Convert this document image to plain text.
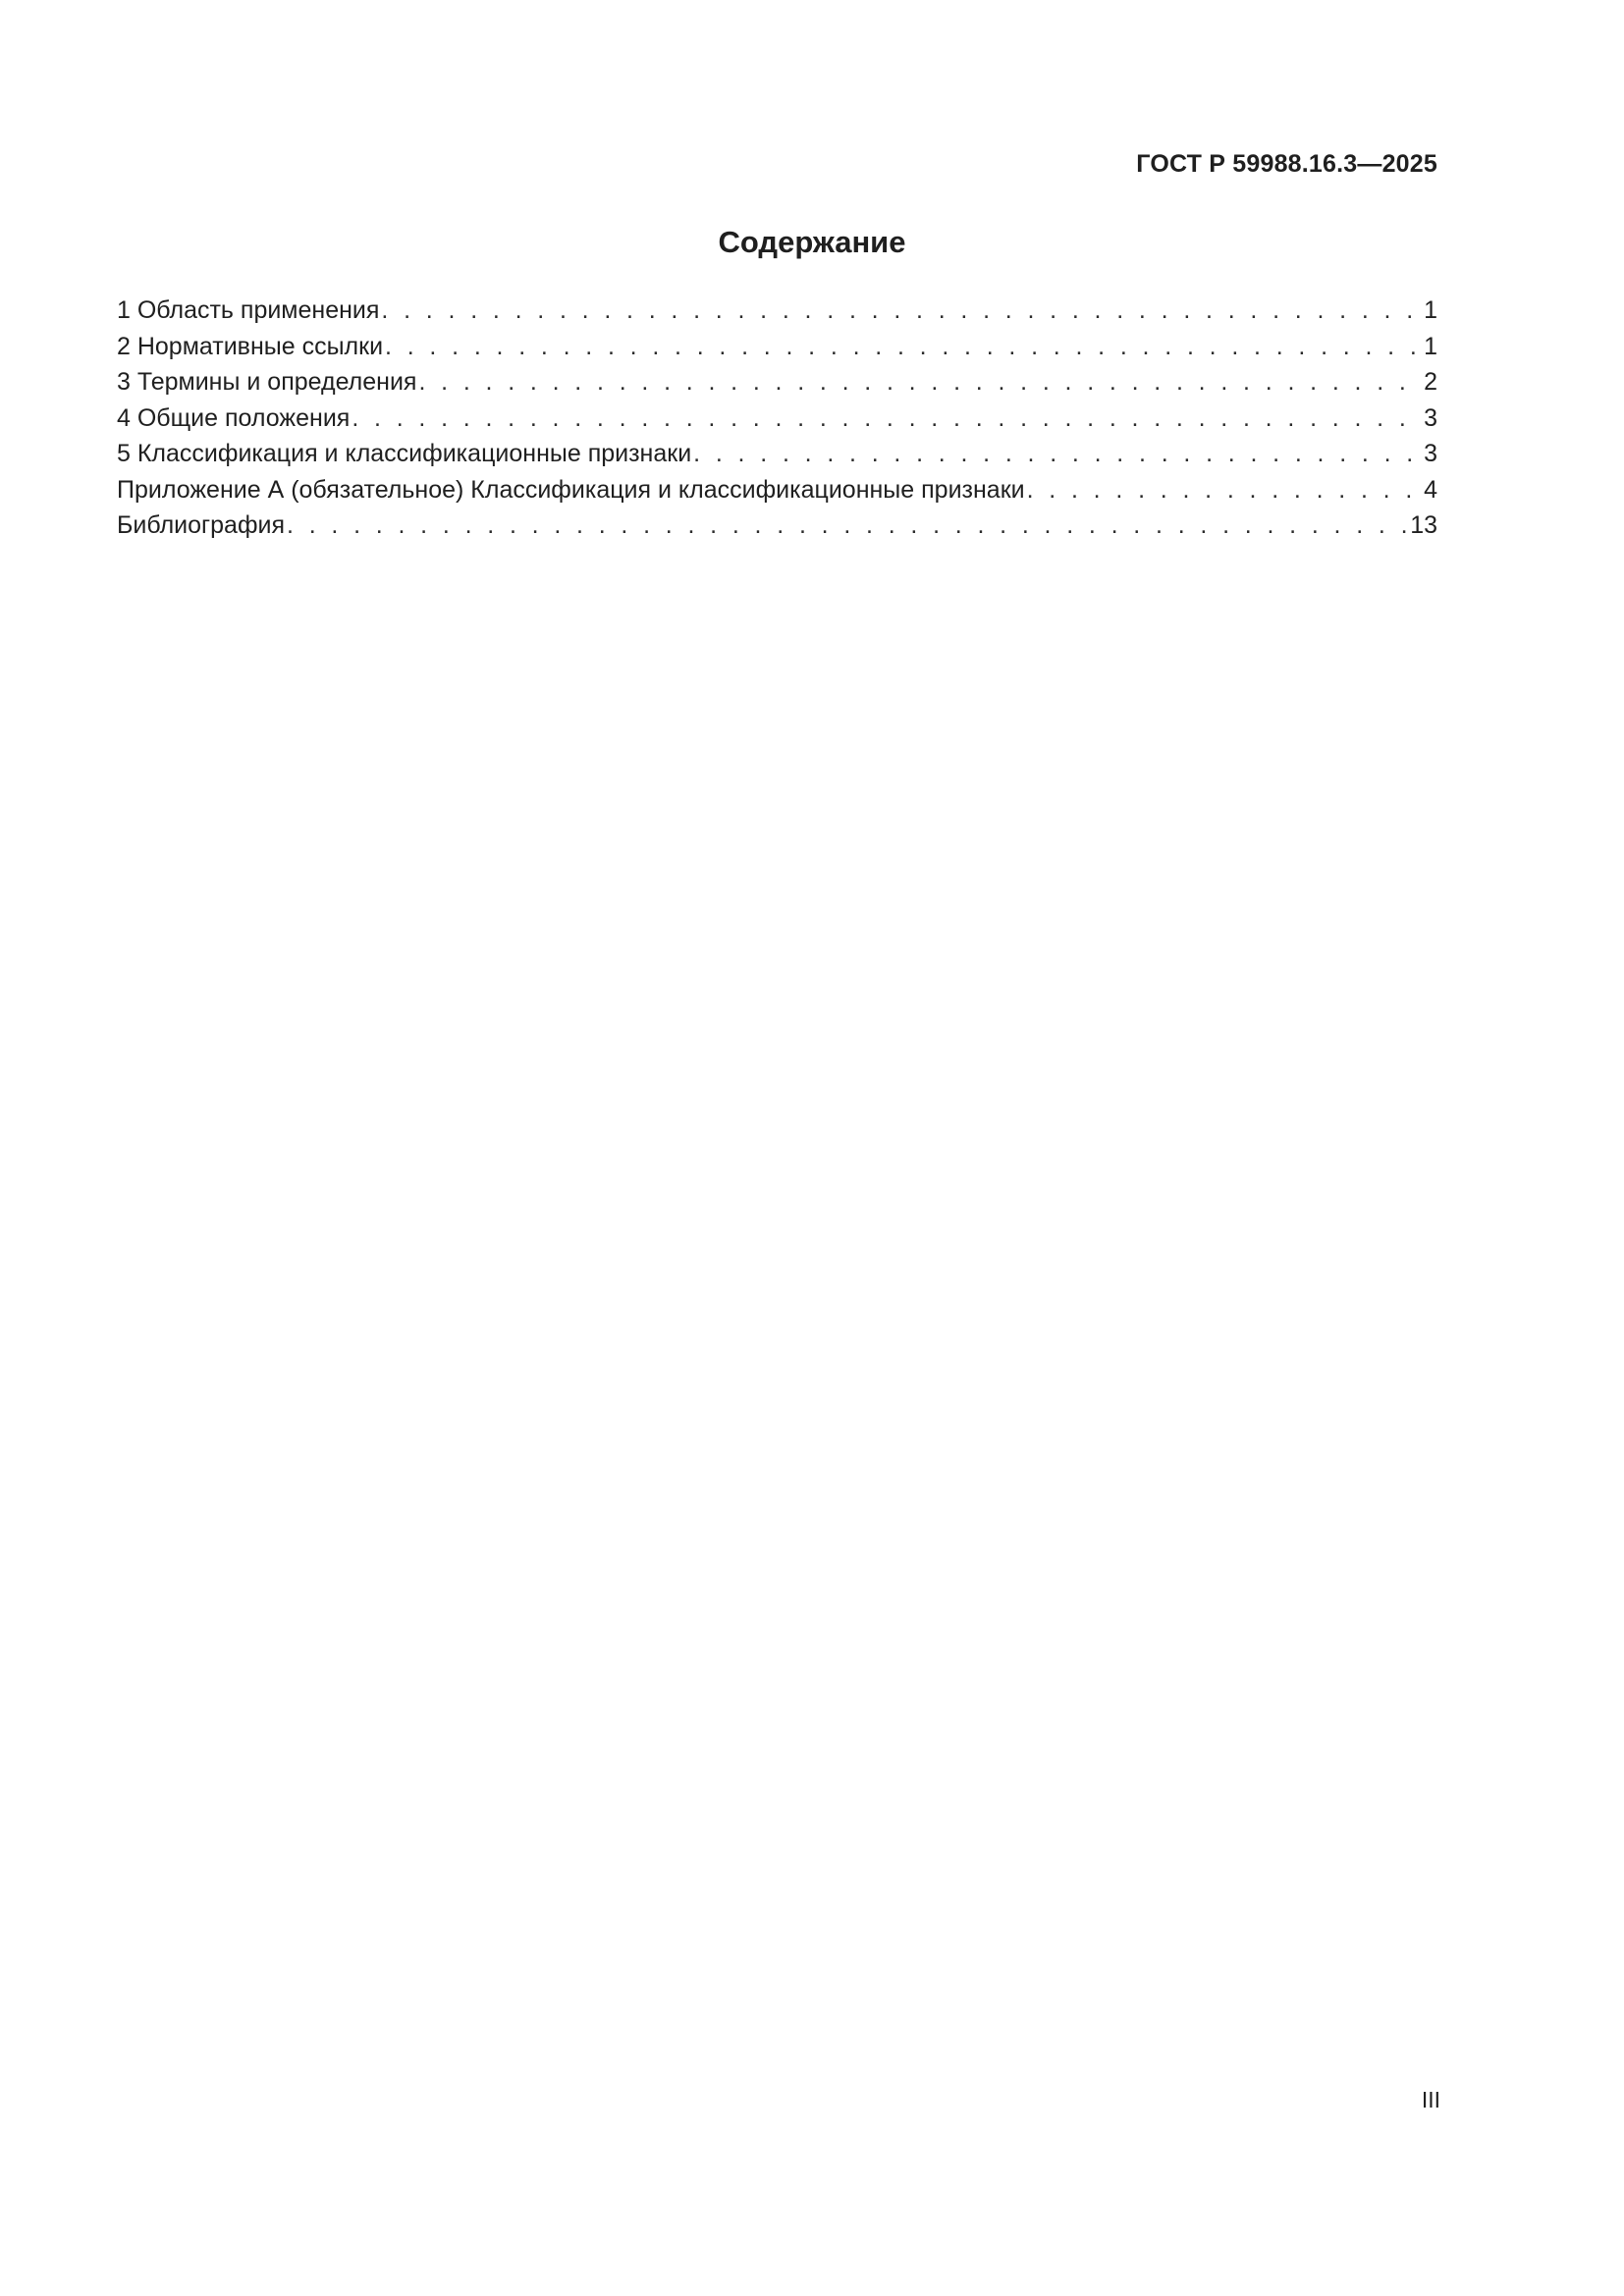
ГОСТ Р 59988.16.3—2025
Содержание
1 Область применения . . .	1
2 Нормативные ссылки . . .	1
3 Термины и определения . . .	2
4 Общие положения . . .	3
5 Классификация и классификационные признаки . . .	3
Приложение А (обязательное) Классификация и классификационные признаки . . .	4
Библиография . . .	13
III
